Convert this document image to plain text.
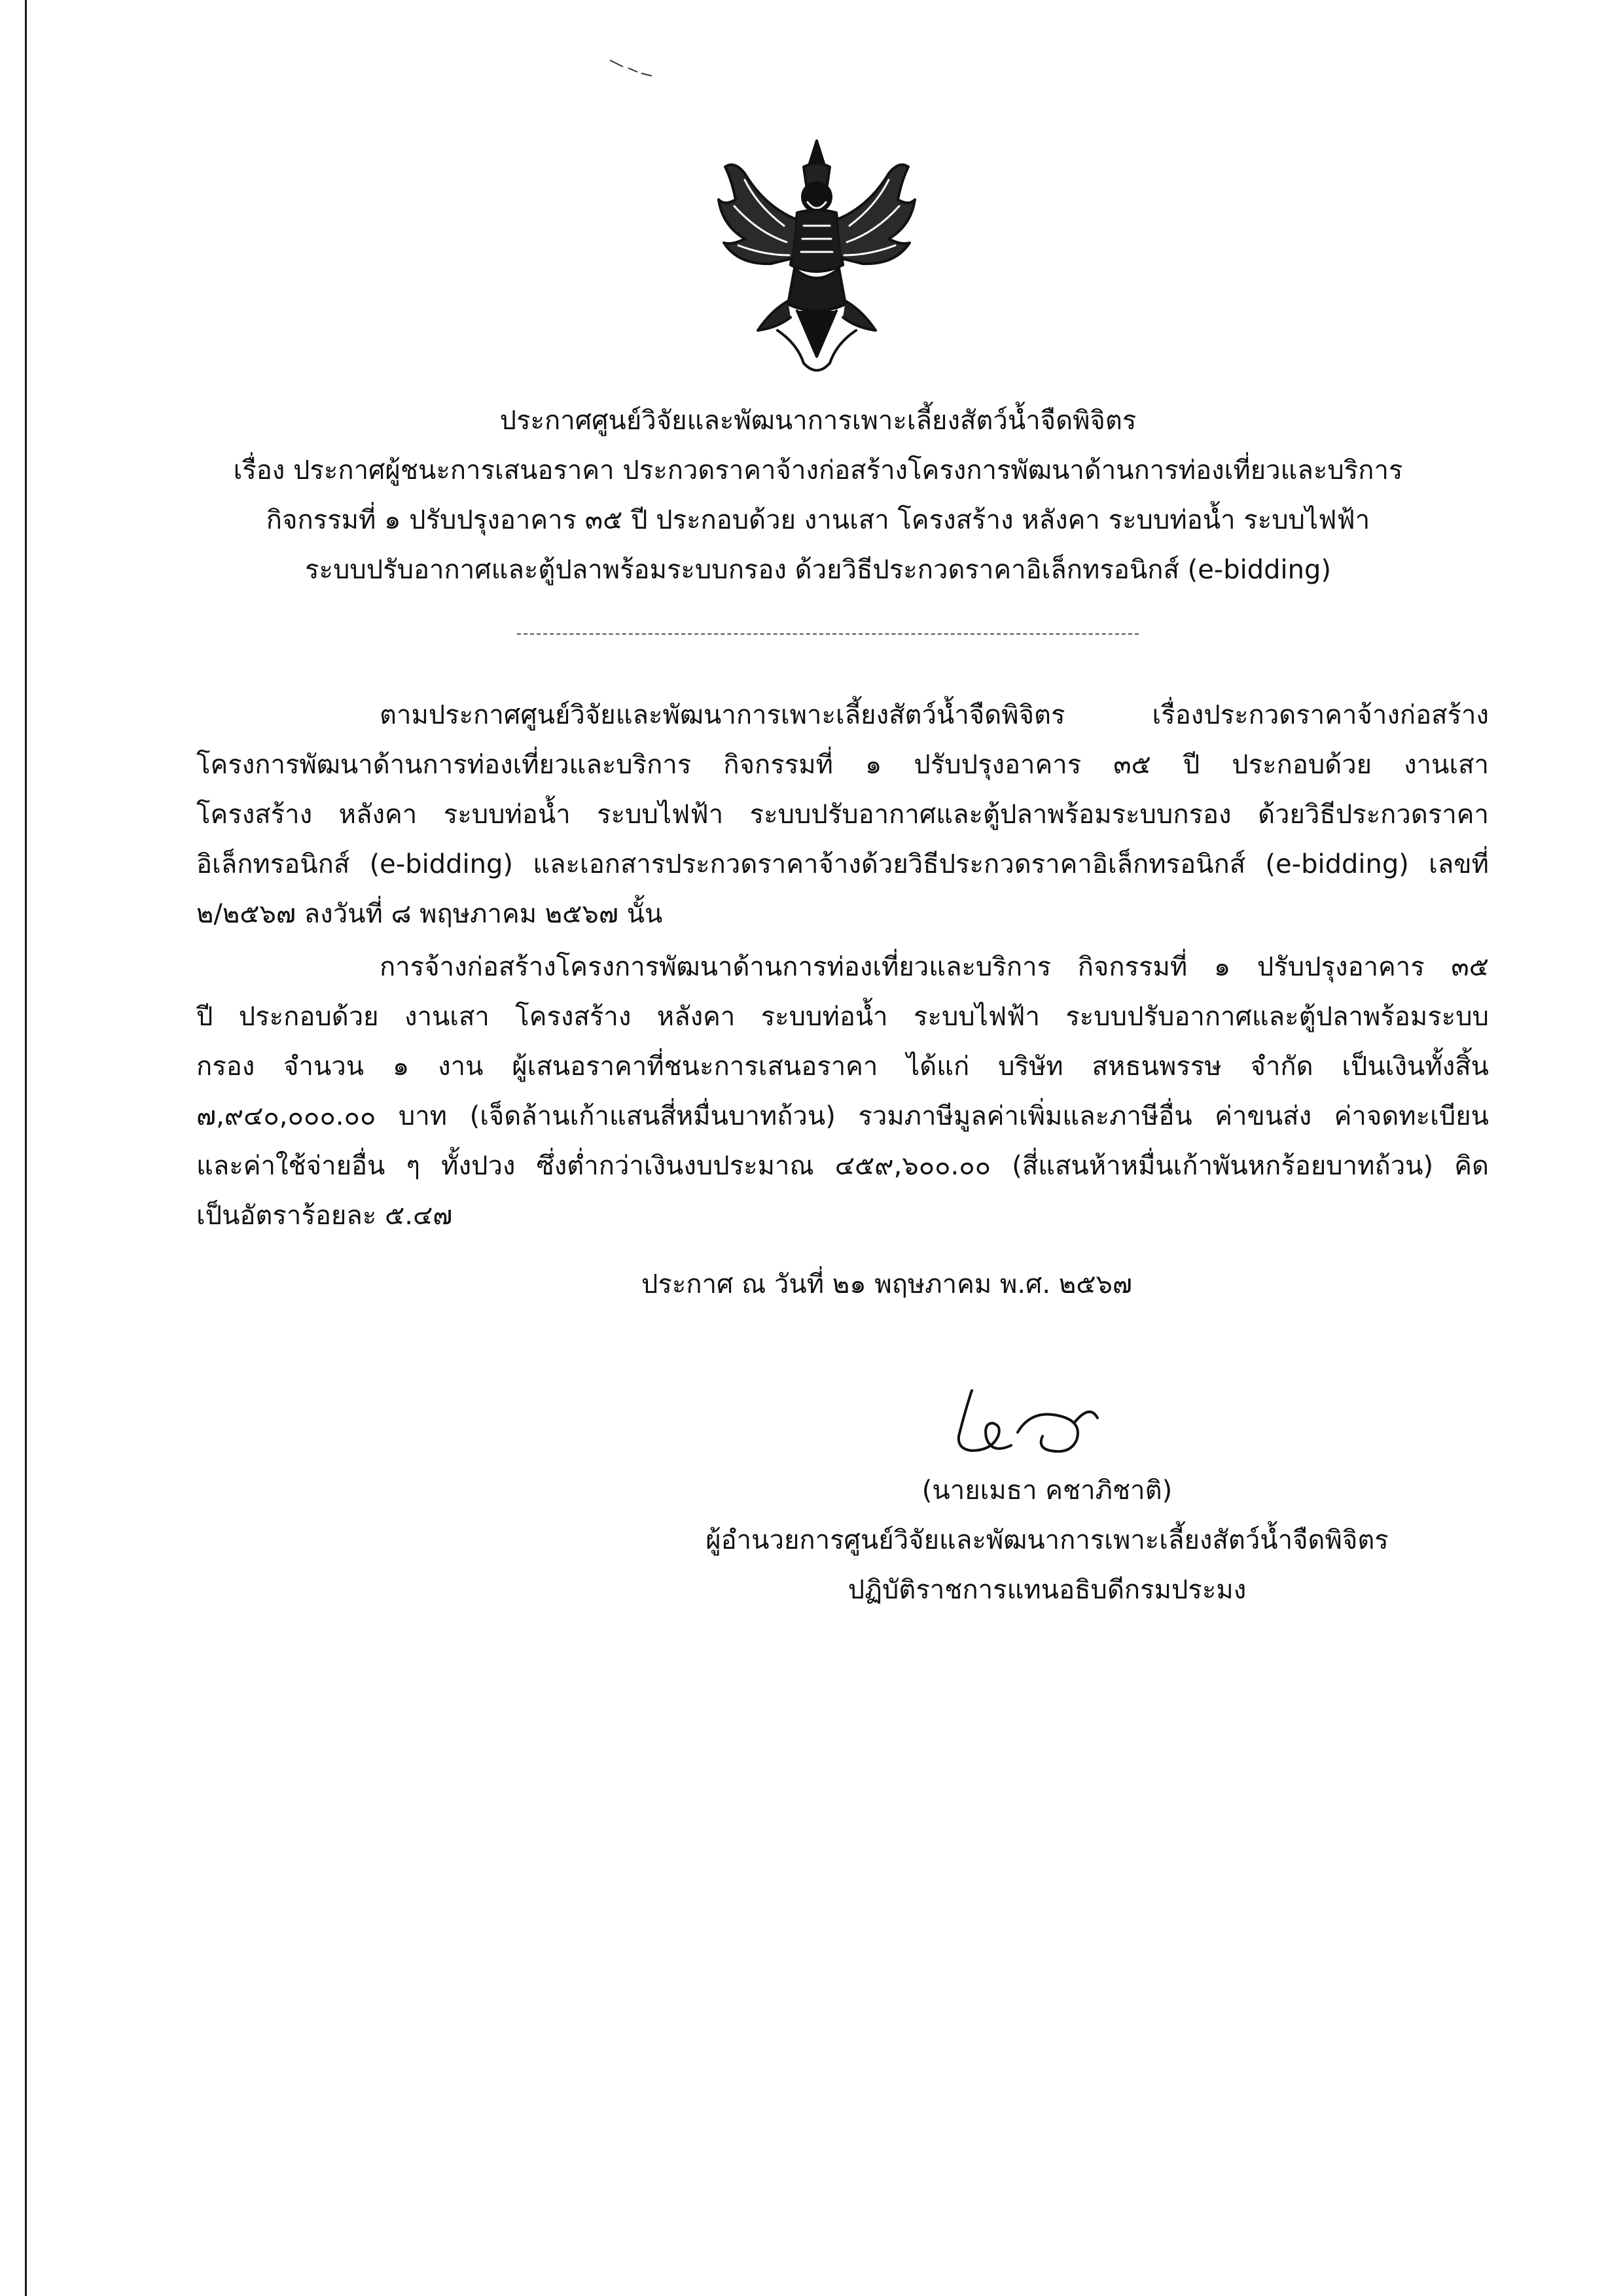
ประกาศศูนย์วิจัยและพัฒนาการเพาะเลี้ยงสัตว์น้ำจืดพิจิตร
เรื่อง ประกาศผู้ชนะการเสนอราคา ประกวดราคาจ้างก่อสร้างโครงการพัฒนาด้านการท่องเที่ยวและบริการ
กิจกรรมที่ ๑ ปรับปรุงอาคาร ๓๕ ปี ประกอบด้วย งานเสา โครงสร้าง หลังคา ระบบท่อน้ำ ระบบไฟฟ้า
ระบบปรับอากาศและตู้ปลาพร้อมระบบกรอง ด้วยวิธีประกวดราคาอิเล็กทรอนิกส์ (e-bidding)
ตามประกาศศูนย์วิจัยและพัฒนาการเพาะเลี้ยงสัตว์น้ำจืดพิจิตร เรื่องประกวดราคาจ้างก่อสร้าง
โครงการพัฒนาด้านการท่องเที่ยวและบริการ กิจกรรมที่ ๑ ปรับปรุงอาคาร ๓๕ ปี ประกอบด้วย งานเสา
โครงสร้าง หลังคา ระบบท่อน้ำ ระบบไฟฟ้า ระบบปรับอากาศและตู้ปลาพร้อมระบบกรอง ด้วยวิธีประกวดราคา
อิเล็กทรอนิกส์ (e-bidding) และเอกสารประกวดราคาจ้างด้วยวิธีประกวดราคาอิเล็กทรอนิกส์ (e-bidding) เลขที่
๒/๒๕๖๗ ลงวันที่ ๘ พฤษภาคม ๒๕๖๗ นั้น
การจ้างก่อสร้างโครงการพัฒนาด้านการท่องเที่ยวและบริการ กิจกรรมที่ ๑ ปรับปรุงอาคาร ๓๕
ปี ประกอบด้วย งานเสา โครงสร้าง หลังคา ระบบท่อน้ำ ระบบไฟฟ้า ระบบปรับอากาศและตู้ปลาพร้อมระบบ
กรอง จำนวน ๑ งาน ผู้เสนอราคาที่ชนะการเสนอราคา ได้แก่ บริษัท สหธนพรรษ จำกัด เป็นเงินทั้งสิ้น
๗,๙๔๐,๐๐๐.๐๐ บาท (เจ็ดล้านเก้าแสนสี่หมื่นบาทถ้วน) รวมภาษีมูลค่าเพิ่มและภาษีอื่น ค่าขนส่ง ค่าจดทะเบียน
และค่าใช้จ่ายอื่น ๆ ทั้งปวง ซึ่งต่ำกว่าเงินงบประมาณ ๔๕๙,๖๐๐.๐๐ (สี่แสนห้าหมื่นเก้าพันหกร้อยบาทถ้วน) คิด
เป็นอัตราร้อยละ ๕.๔๗
ประกาศ ณ วันที่ ๒๑ พฤษภาคม พ.ศ. ๒๕๖๗
(นายเมธา คชาภิชาติ)
ผู้อำนวยการศูนย์วิจัยและพัฒนาการเพาะเลี้ยงสัตว์น้ำจืดพิจิตร
ปฏิบัติราชการแทนอธิบดีกรมประมง
